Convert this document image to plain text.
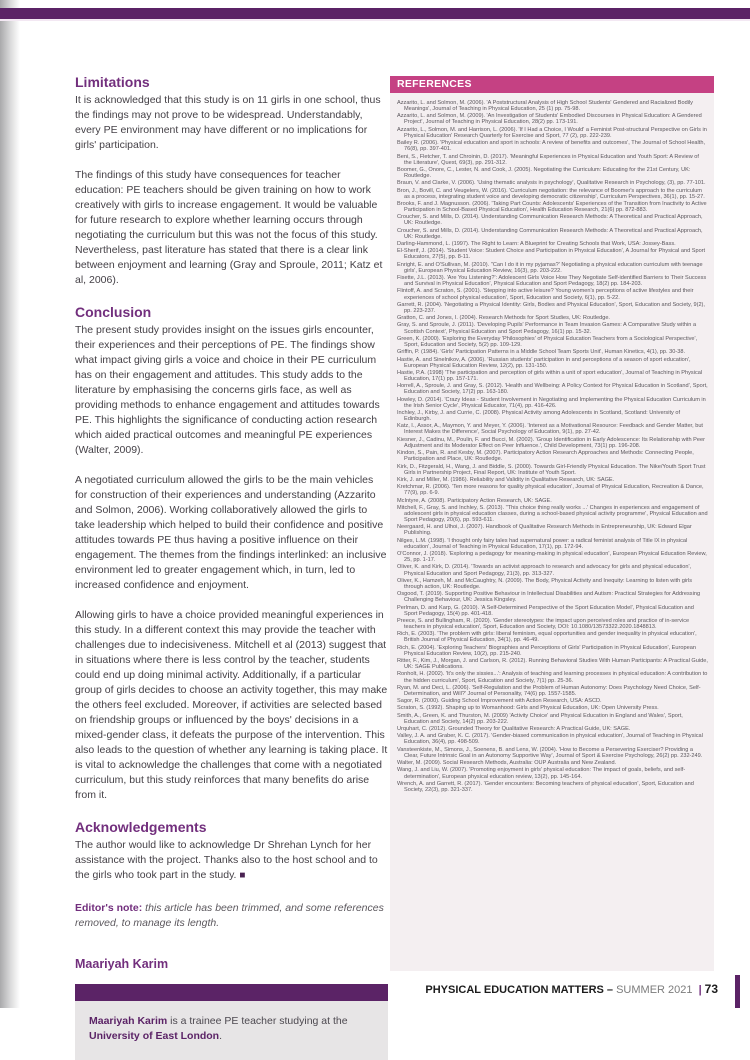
Limitations

It is acknowledged that this study is on 11 girls in one school, thus the findings may not prove to be widespread. Understandably, every PE environment may have different or no implications for girls' participation.

The findings of this study have consequences for teacher education: PE teachers should be given training on how to work creatively with girls to increase engagement. It would be valuable for future research to explore whether learning occurs through negotiating the curriculum but this was not the focus of this study. Nevertheless, past literature has stated that there is a clear link between enjoyment and learning (Gray and Sproule, 2011; Katz et al, 2006).

Conclusion

The present study provides insight on the issues girls encounter, their experiences and their perceptions of PE. The findings show what impact giving girls a voice and choice in their PE curriculum has on their engagement and attitudes. This study adds to the literature by emphasising the concerns girls face, as well as providing methods to enhance engagement and attitudes towards PE. This highlights the significance of conducting action research which aided practical outcomes and meaningful PE experiences (Walter, 2009).

A negotiated curriculum allowed the girls to be the main vehicles for construction of their experiences and understanding (Azzarito and Solmon, 2006). Working collaboratively allowed the girls to take leadership which helped to build their confidence and positive attitudes towards PE thus having a positive influence on their engagement. The themes from the findings interlinked: an inclusive environment led to greater engagement which, in turn, led to increased confidence and enjoyment.

Allowing girls to have a choice provided meaningful experiences in this study. In a different context this may provide the teacher with challenges due to indecisiveness. Mitchell et al (2013) suggest that in situations where there is less control by the teacher, students could end up doing minimal activity. Additionally, if a particular group of girls decides to choose an activity together, this may make the others feel excluded. Moreover, if activities are selected based on friendship groups or influenced by the boys' decisions in a mixed-gender class, it defeats the purpose of the intervention. This also leads to the question of whether any learning is taking place. It is vital to acknowledge the challenges that come with a negotiated curriculum, but this study reinforces that many benefits do arise from it.

Acknowledgements

The author would like to acknowledge Dr Shrehan Lynch for her assistance with the project. Thanks also to the host school and to the girls who took part in the study. ■

Editor's note: this article has been trimmed, and some references removed, to manage its length.

Maariyah Karim
Maariyah Karim is a trainee PE teacher studying at the University of East London.
REFERENCES

Azzarito, L. and Solmon, M. (2006). 'A Poststructural Analysis of High School Students' Gendered and Racialized Bodily Meanings', Journal of Teaching in Physical Education, 25 (1) pp. 75-98.

Azzarito, L. and Solmon, M. (2009). 'An Investigation of Students' Embodied Discourses in Physical Education: A Gendered Project', Journal of Teaching in Physical Education, 28(2) pp. 173-191.

Azzarito, L., Solmon, M. and Harrison, L. (2006). 'If I Had a Choice, I Would' a Feminist Post-structural Perspective on Girls in Physical Education' Research Quarterly for Exercise and Sport, 77 (2), pp. 222-239.

Bailey R. (2006). 'Physical education and sport in schools: A review of benefits and outcomes', The Journal of School Health, 76(8), pp. 397-401.

Beni, S., Fletcher, T. and Chroinin, D. (2017). 'Meaningful Experiences in Physical Education and Youth Sport: A Review of the Literature', Quest, 69(3), pp. 291-312.

Boomer, G., Onore, C., Lester, N. and Cook, J. (2005). Negotiating the Curriculum: Educating for the 21st Century, UK: Routledge.

Braun, V. and Clarke, V. (2006). 'Using thematic analysis in psychology', Qualitative Research in Psychology, (3), pp. 77-101.

Bron, J., Bovill, C. and Veugelers, W. (2016). 'Curriculum negotiation: the relevance of Boomer's approach to the curriculum as a process, integrating student voice and developing democratic citizenship', Curriculum Perspectives, 36(1), pp. 15-27.

Brooks, F. and J. Magnusson. (2006). 'Taking Part Counts: Adolescents' Experiences of the Transition from Inactivity to Active Participation in School-Based Physical Education', Health Education Research, 21(6) pp. 872-883.

Croucher, S. and Mills, D. (2014). Understanding Communication Research Methods: A Theoretical and Practical Approach, UK: Routledge.

Croucher, S. and Mills, D. (2014). Understanding Communication Research Methods: A Theoretical and Practical Approach, UK: Routledge.

Darling-Hammond, L. (1997). The Right to Learn: A Blueprint for Creating Schools that Work, USA: Jossey-Bass.

El-Sherif, J. (2014). 'Student Voice: Student Choice and Participation in Physical Education', A Journal for Physical and Sport Educators, 27(5), pp. 8-11.

Enright, E. and O'Sullivan, M. (2010). ''Can I do it in my pyjamas?' Negotiating a physical education curriculum with teenage girls', European Physical Education Review, 16(3), pp. 203-222.

Fisette, J.L. (2013). 'Are You Listening?': Adolescent Girls Voice How They Negotiate Self-identified Barriers to Their Success and Survival in Physical Education', Physical Education and Sport Pedagogy, 18(2) pp. 184-203.

Flintoff, A. and Scraton, S. (2001). 'Stepping into active leisure? Young women's perceptions of active lifestyles and their experiences of school physical education', Sport, Education and Society, 6(1), pp. 5-22.

Garrett, R. (2004). 'Negotiating a Physical Identity: Girls, Bodies and Physical Education', Sport, Education and Society, 9(2), pp. 223-237.

Gratton, C. and Jones, I. (2004). Research Methods for Sport Studies, UK: Routledge.

Gray, S. and Sproule, J. (2011). 'Developing Pupils' Performance in Team Invasion Games: A Comparative Study within a Scottish Context', Physical Education and Sport Pedagogy, 16(1) pp. 15-32.

Green, K. (2000). 'Exploring the Everyday 'Philosophies' of Physical Education Teachers from a Sociological Perspective', Sport, Education and Society, 5(2) pp. 109-129.

Griffin, P. (1984). 'Girls' Participation Patterns in a Middle School Team Sports Unit', Human Kinetics, 4(1), pp. 30-38.

Hastie, A. and Sinelnikov, A. (2006). 'Russian students' participation in and perceptions of a season of sport education', European Physical Education Review, 12(2), pp. 131-150.

Hastie, P.A. (1998) 'The participation and perception of girls within a unit of sport education', Journal of Teaching in Physical Education, 17(1) pp. 157-171.

Horrell, A., Sproule, J. and Gray, S. (2012). 'Health and Wellbeing: A Policy Context for Physical Education in Scotland', Sport, Education and Society, 17(2) pp. 163-180.

Howley, D. (2014). 'Crazy Ideas - Student Involvement in Negotiating and Implementing the Physical Education Curriculum in the Irish Senior Cycle', Physical Educator, 71(4), pp. 416-426.

Inchley, J., Kirby, J. and Currie, C. (2008). Physical Activity among Adolescents in Scotland, Scotland: University of Edinburgh.

Katz, I., Assor, A., Maymon, Y. and Meyer, Y. (2006). 'Interest as a Motivational Resource: Feedback and Gender Matter, but Interest Makes the Difference', Social Psychology of Education, 9(1), pp. 27-42.

Kiesner, J., Cadinu, M., Poulin, F. and Bucci, M. (2002). 'Group Identification in Early Adolescence: Its Relationship with Peer Adjustment and its Moderator Effect on Peer Influence.', Child Development, 73(1) pp. 196-208.

Kindon, S., Pain, R. and Kesby, M. (2007). Participatory Action Research Approaches and Methods: Connecting People, Participation and Place, UK: Routledge.

Kirk, D., Fitzgerald, H., Wang, J. and Biddle, S. (2000). Towards Girl-Friendly Physical Education. The Nike/Youth Sport Trust Girls in Partnership Project, Final Report, UK: Institute of Youth Sport.

Kirk, J. and Miller, M. (1986). Reliability and Validity in Qualitative Research, UK: SAGE.

Kretchmar, R. (2006). 'Ten more reasons for quality physical education', Journal of Physical Education, Recreation & Dance, 77(9), pp. 6-9.

McIntyre, A. (2008). Participatory Action Research, UK: SAGE.

Mitchell, F., Gray, S. and Inchley, S. (2013). ''This choice thing really works ...' Changes in experiences and engagement of adolescent girls in physical education classes, during a school-based physical activity programme', Physical Education and Sport Pedagogy, 20(6), pp. 593-611.

Neergaard, H. and Ulhoi, J. (2007). Handbook of Qualitative Research Methods in Entrepreneurship, UK: Edward Elgar Publishing.

Nilges, L.M. (1998). 'I thought only fairy tales had supernatural power: a radical feminist analysis of Title IX in physical education', Journal of Teaching in Physical Education, 17(1), pp. 172-94.

O'Connor, J. (2018). 'Exploring a pedagogy for meaning-making in physical education', European Physical Education Review, 25, pp. 1-17.

Oliver, K. and Kirk, D. (2014). 'Towards an activist approach to research and advocacy for girls and physical education', Physical Education and Sport Pedagogy, 21(3), pp. 313-327.

Oliver, K., Hamzeh, M. and McCaughtry, N. (2009). The Body, Physical Activity and Inequity: Learning to listen with girls through action, UK: Routledge.

Osgood, T. (2019). Supporting Positive Behaviour in Intellectual Disabilities and Autism: Practical Strategies for Addressing Challenging Behaviour, UK: Jessica Kingsley.

Perlman, D. and Karp, G. (2010). 'A Self-Determined Perspective of the Sport Education Model', Physical Education and Sport Pedagogy, 15(4) pp. 401-418.

Preece, S. and Bullingham, R. (2020). 'Gender stereotypes: the impact upon perceived roles and practice of in-service teachers in physical education', Sport, Education and Society, DOI: 10.1080/13573322.2020.1848813.

Rich, E. (2003). 'The problem with girls: liberal feminism, equal opportunities and gender inequality in physical education', British Journal of Physical Education, 34(1), pp. 46-49.

Rich, E. (2004). 'Exploring Teachers' Biographies and Perceptions of Girls' Participation in Physical Education', European Physical Education Review, 10(2), pp. 215-240.

Ritter, F., Kim, J., Morgan, J. and Carlson, R. (2012). Running Behavioral Studies With Human Participants: A Practical Guide, UK: SAGE Publications.

Ronholt, H. (2002). 'It's only the sissies...': Analysis of teaching and learning processes in physical education: A contribution to the hidden curriculum', Sport, Education and Society, 7(1) pp. 25-36.

Ryan, M. and Deci, L. (2006). 'Self-Regulation and the Problem of Human Autonomy: Does Psychology Need Choice, Self-Determination, and Will?' Journal of Personality, 74(6) pp. 1557-1585.

Sagor, R. (2000). Guiding School Improvement with Action Research, USA: ASCD.

Scraton, S. (1992). Shaping up to Womanhood: Girls and Physical Education, UK: Open University Press.

Smith, A., Green, K. and Thurston, M. (2009) 'Activity Choice' and Physical Education in England and Wales', Sport, Education and Society, 14(2) pp. 203-222.

Urquhart, C. (2012). Grounded Theory for Qualitative Research: A Practical Guide, UK: SAGE.

Valley, J. A. and Graber, K. C. (2017). 'Gender-biased communication in physical education', Journal of Teaching in Physical Education, 36(4), pp. 498-509.

Vansteenkiste, M., Simons, J., Soenens, B. and Lens, W. (2004). 'How to Become a Persevering Exerciser? Providing a Clear, Future Intrinsic Goal in an Autonomy Supportive Way', Journal of Sport & Exercise Psychology, 26(2) pp. 232-249.

Walter, M. (2009). Social Research Methods, Australia: OUP Australia and New Zealand.

Wang, J. and Liu, W. (2007). 'Promoting enjoyment in girls' physical education: The impact of goals, beliefs, and self-determination', European physical education review, 13(2), pp. 145-164.

Wrench, A. and Garrett, R. (2017). 'Gender encounters: Becoming teachers of physical education', Sport, Education and Society, 22(3), pp. 321-337.

PHYSICAL EDUCATION MATTERS – SUMMER 2021 | 73
